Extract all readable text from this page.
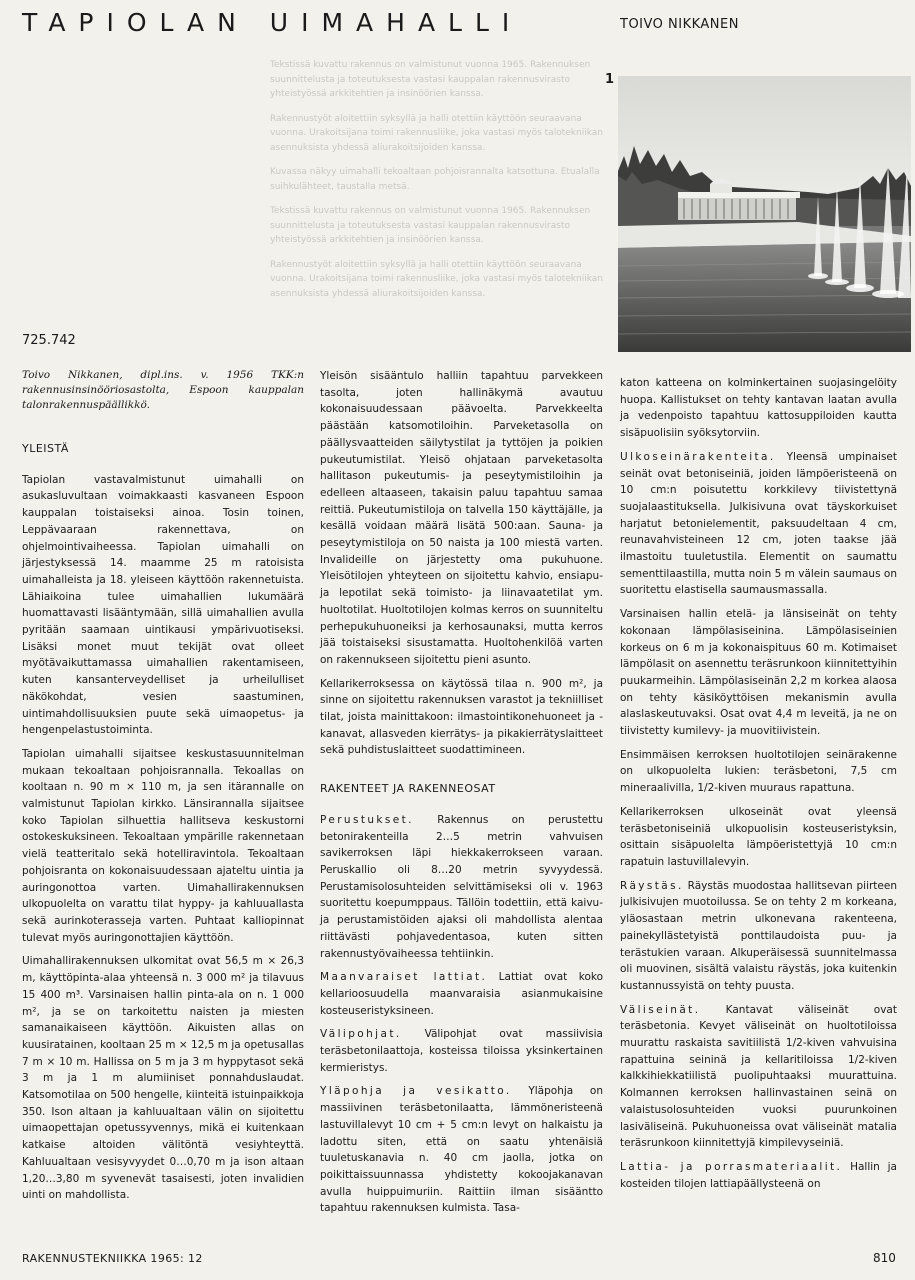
TAPIOLAN UIMAHALLI	TOIVO NIKKANEN

Tekstissä kuvattu rakennus on valmistunut vuonna 1965. Rakennuksen suunnittelusta ja toteutuksesta vastasi kauppalan rakennusvirasto yhteistyössä arkkitehtien ja insinöörien kanssa.

Rakennustyöt aloitettiin syksyllä ja halli otettiin käyttöön seuraavana vuonna. Urakoitsijana toimi rakennusliike, joka vastasi myös talotekniikan asennuksista yhdessä aliurakoitsijoiden kanssa.

Kuvassa näkyy uimahalli tekoaltaan pohjoisrannalta katsottuna. Etualalla suihkulähteet, taustalla metsä.

Tekstissä kuvattu rakennus on valmistunut vuonna 1965. Rakennuksen suunnittelusta ja toteutuksesta vastasi kauppalan rakennusvirasto yhteistyössä arkkitehtien ja insinöörien kanssa.

Rakennustyöt aloitettiin syksyllä ja halli otettiin käyttöön seuraavana vuonna. Urakoitsijana toimi rakennusliike, joka vastasi myös talotekniikan asennuksista yhdessä aliurakoitsijoiden kanssa.

1
725.742

Toivo Nikkanen, dipl.ins. v. 1956 TKK:n rakennusinsinööriosastolta, Espoon kauppalan talonrakennuspäällikkö.

YLEISTÄ

Tapiolan vastavalmistunut uimahalli on asukasluvultaan voimakkaasti kasvaneen Espoon kauppalan toistaiseksi ainoa. Tosin toinen, Leppävaaraan rakennettava, on ohjelmointivaiheessa. Tapiolan uimahalli on järjestyksessä 14. maamme 25 m ratoisista uimahalleista ja 18. yleiseen käyttöön rakennetuista. Lähiaikoina tulee uimahallien lukumäärä huomattavasti lisääntymään, sillä uimahallien avulla pyritään saamaan uintikausi ympärivuotiseksi. Lisäksi monet muut tekijät ovat olleet myötävaikuttamassa uimahallien rakentamiseen, kuten kansanterveydelliset ja urheilulliset näkökohdat, vesien saastuminen, uintimahdollisuuksien puute sekä uimaopetus- ja hengenpelastustoiminta.

Tapiolan uimahalli sijaitsee keskustasuunnitelman mukaan tekoaltaan pohjoisrannalla. Tekoallas on kooltaan n. 90 m × 110 m, ja sen itärannalle on valmistunut Tapiolan kirkko. Länsirannalla sijaitsee koko Tapiolan silhuettia hallitseva keskustorni ostokeskuksineen. Tekoaltaan ympärille rakennetaan vielä teatteritalo sekä hotelliravintola. Tekoaltaan pohjoisranta on kokonaisuudessaan ajateltu uintia ja auringonottoa varten. Uimahallirakennuksen ulkopuolelta on varattu tilat hyppy- ja kahluuallasta sekä aurinkoterasseja varten. Puhtaat kalliopinnat tulevat myös auringonottajien käyttöön.

Uimahallirakennuksen ulkomitat ovat 56,5 m × 26,3 m, käyttöpinta-alaa yhteensä n. 3 000 m² ja tilavuus 15 400 m³. Varsinaisen hallin pinta-ala on n. 1 000 m², ja se on tarkoitettu naisten ja miesten samanaikaiseen käyttöön. Aikuisten allas on kuusiratainen, kooltaan 25 m × 12,5 m ja opetusallas 7 m × 10 m. Hallissa on 5 m ja 3 m hyppytasot sekä 3 m ja 1 m alumiiniset ponnahduslaudat. Katsomotilaa on 500 hengelle, kiinteitä istuinpaikkoja 350. Ison altaan ja kahluualtaan välin on sijoitettu uimaopettajan opetussyvennys, mikä ei kuitenkaan katkaise altoiden välitöntä vesiyhteyttä. Kahluualtaan vesisyvyydet 0…0,70 m ja ison altaan 1,20…3,80 m syvenevät tasaisesti, joten invalidien uinti on mahdollista.

Yleisön sisääntulo halliin tapahtuu parvekkeen tasolta, joten hallinäkymä avautuu kokonaisuudessaan päävoelta. Parvekkeelta päästään katsomotiloihin. Parveketasolla on päällysvaatteiden säilytystilat ja tyttöjen ja poikien pukeutumistilat. Yleisö ohjataan parveketasolta hallitason pukeutumis- ja peseytymistiloihin ja edelleen altaaseen, takaisin paluu tapahtuu samaa reittiä. Pukeutumistiloja on talvella 150 käyttäjälle, ja kesällä voidaan määrä lisätä 500:aan. Sauna- ja peseytymistiloja on 50 naista ja 100 miestä varten. Invalideille on järjestetty oma pukuhuone. Yleisötilojen yhteyteen on sijoitettu kahvio, ensiapu- ja lepotilat sekä toimisto- ja liinavaatetilat ym. huoltotilat. Huoltotilojen kolmas kerros on suunniteltu perhepukuhuoneiksi ja kerhosaunaksi, mutta kerros jää toistaiseksi sisustamatta. Huoltohenkilöä varten on rakennukseen sijoitettu pieni asunto.

Kellarikerroksessa on käytössä tilaa n. 900 m², ja sinne on sijoitettu rakennuksen varastot ja tekniilliset tilat, joista mainittakoon: ilmastointikonehuoneet ja -kanavat, allasveden kierrätys- ja pikakierrätyslaitteet sekä puhdistuslaitteet suodattimineen.

RAKENTEET JA RAKENNEOSAT

Perustukset. Rakennus on perustettu betonirakenteilla 2…5 metrin vahvuisen savikerroksen läpi hiekkakerrokseen varaan. Peruskallio oli 8…20 metrin syvyydessä. Perustamisolosuhteiden selvittämiseksi oli v. 1963 suoritettu koepumppaus. Tällöin todettiin, että kaivu- ja perustamistöiden ajaksi oli mahdollista alentaa riittävästi pohjavedentasoa, kuten sitten rakennustyövaiheessa tehtiinkin.

Maanvaraiset lattiat. Lattiat ovat koko kellarioosuudella maanvaraisia asianmukaisine kosteuseristyksineen.

Välipohjat. Välipohjat ovat massiivisia teräsbetonilaattoja, kosteissa tiloissa yksinkertainen kermieristys.

Yläpohja ja vesikatto. Yläpohja on massiivinen teräsbetonilaatta, lämmöneristeenä lastuvillalevyt 10 cm + 5 cm:n levyt on halkaistu ja ladottu siten, että on saatu yhtenäisiä tuuletuskanavia n. 40 cm jaolla, jotka on poikittaissuunnassa yhdistetty kokoojakanavan avulla huippuimuriin. Raittiin ilman sisääntto tapahtuu rakennuksen kulmista. Tasa-

katon katteena on kolminkertainen suojasingelöity huopa. Kallistukset on tehty kantavan laatan avulla ja vedenpoisto tapahtuu kattosuppiloiden kautta sisäpuolisiin syöksytorviin.

Ulkoseinärakenteita. Yleensä umpinaiset seinät ovat betoniseiniä, joiden lämpöeristeenä on 10 cm:n poisutettu korkkilevy tiivistettynä suojalaastituksella. Julkisivuna ovat täyskorkuiset harjatut betonielementit, paksuudeltaan 4 cm, reunavahvisteineen 12 cm, joten taakse jää ilmastoitu tuuletustila. Elementit on saumattu sementtilaastilla, mutta noin 5 m välein saumaus on suoritettu elastisella saumausmassalla.

Varsinaisen hallin etelä- ja länsiseinät on tehty kokonaan lämpölasiseinina. Lämpölasiseinien korkeus on 6 m ja kokonaispituus 60 m. Kotimaiset lämpölasit on asennettu teräsrunkoon kiinnitettyihin puukarmeihin. Lämpölasiseinän 2,2 m korkea alaosa on tehty käsiköyttöisen mekanismin avulla alaslaskeutuvaksi. Osat ovat 4,4 m leveitä, ja ne on tiivistetty kumilevy- ja muovitiivistein.

Ensimmäisen kerroksen huoltotilojen seinärakenne on ulkopuolelta lukien: teräsbetoni, 7,5 cm mineraalivilla, 1/2-kiven muuraus rapattuna.

Kellarikerroksen ulkoseinät ovat yleensä teräsbetoniseiniä ulkopuolisin kosteuseristyksin, osittain sisäpuolelta lämpöeristettyjä 10 cm:n rapatuin lastuvillalevyin.

Räystäs. Räystäs muodostaa hallitsevan piirteen julkisivujen muotoilussa. Se on tehty 2 m korkeana, yläosastaan metrin ulkonevana rakenteena, painekyllästetyistä ponttilaudoista puu- ja terästukien varaan. Alkuperäisessä suunnitelmassa oli muovinen, sisältä valaistu räystäs, joka kuitenkin kustannussyistä on tehty puusta.

Väliseinät. Kantavat väliseinät ovat teräsbetonia. Kevyet väliseinät on huoltotiloissa muurattu raskaista savitiilistä 1/2-kiven vahvuisina rapattuina seininä ja kellaritiloissa 1/2-kiven kalkkihiekkatiilistä puolipuhtaaksi muurattuina. Kolmannen kerroksen hallinvastainen seinä on valaistusolosuhteiden vuoksi puurunkoinen lasiväliseinä. Pukuhuoneissa ovat väliseinät matalia teräsrunkoon kiinnitettyjä kimpilevyseiniä.

Lattia- ja porrasmateriaalit. Hallin ja kosteiden tilojen lattiapäällysteenä on

RAKENNUSTEKNIIKKA 1965: 12	810
